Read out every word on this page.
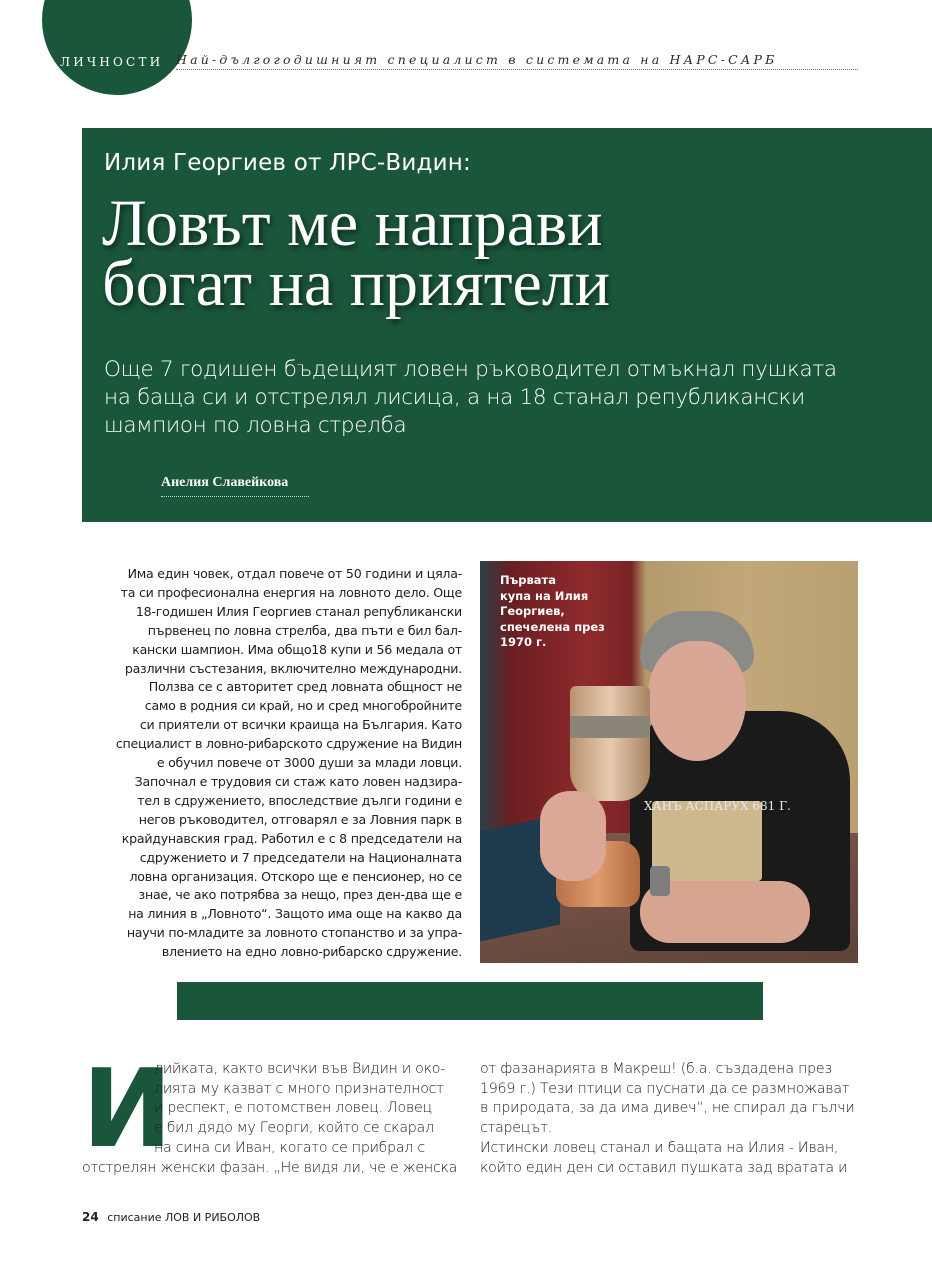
ЛИЧНОСТИ Най-дългогодишният специалист в системата на НАРС-САРБ
Илия Георгиев от ЛРС-Видин:
Ловът ме направи
богат на приятели
Още 7 годишен бъдещият ловен ръководител отмъкнал пушката
на баща си и отстрелял лисица, а на 18 станал републикански
шампион по ловна стрелба
Анелия Славейкова
Има един човек, отдал повече от 50 години и цяла-
та си професионална енергия на ловното дело. Още
18-годишен Илия Георгиев станал републикански
първенец по ловна стрелба, два пъти е бил бал-
кански шампион. Има общо18 купи и 56 медала от
различни състезания, включително международни.
Ползва се с авторитет сред ловната общност не
само в родния си край, но и сред многобройните
си приятели от всички краища на България. Като
специалист в ловно-рибарското сдружение на Видин
е обучил повече от 3000 души за млади ловци.
Започнал е трудовия си стаж като ловен надзира-
тел в сдружението, впоследствие дълги години е
негов ръководител, отговарял е за Ловния парк в
крайдунавския град. Работил е с 8 председатели на
сдружението и 7 председатели на Националната
ловна организация. Отскоро ще е пенсионер, но се
знае, че ако потрябва за нещо, през ден-два ще е
на линия в „Ловното“. Защото има още на какво да
научи по-младите за ловното стопанство и за упра-
влението на едно ловно-рибарско сдружение.
ХАНЪ АСПАРУХ 681 Г.
Първата
купа на Илия
Георгиев,
спечелена през
1970 г.
И
лийката, както всички във Видин и око-
лията му казват с много признателност
и респект, е потомствен ловец. Ловец
е бил дядо му Георги, който се скарал
на сина си Иван, когато се прибрал с
отстрелян женски фазан. „Не видя ли, че е женска
от фазанарията в Макреш! (б.а. създадена през
1969 г.) Тези птици са пуснати да се размножават
в природата, за да има дивеч“, не спирал да гълчи
старецът.
Истински ловец станал и бащата на Илия - Иван,
който един ден си оставил пушката зад вратата и
24 списание ЛОВ И РИБОЛОВ
